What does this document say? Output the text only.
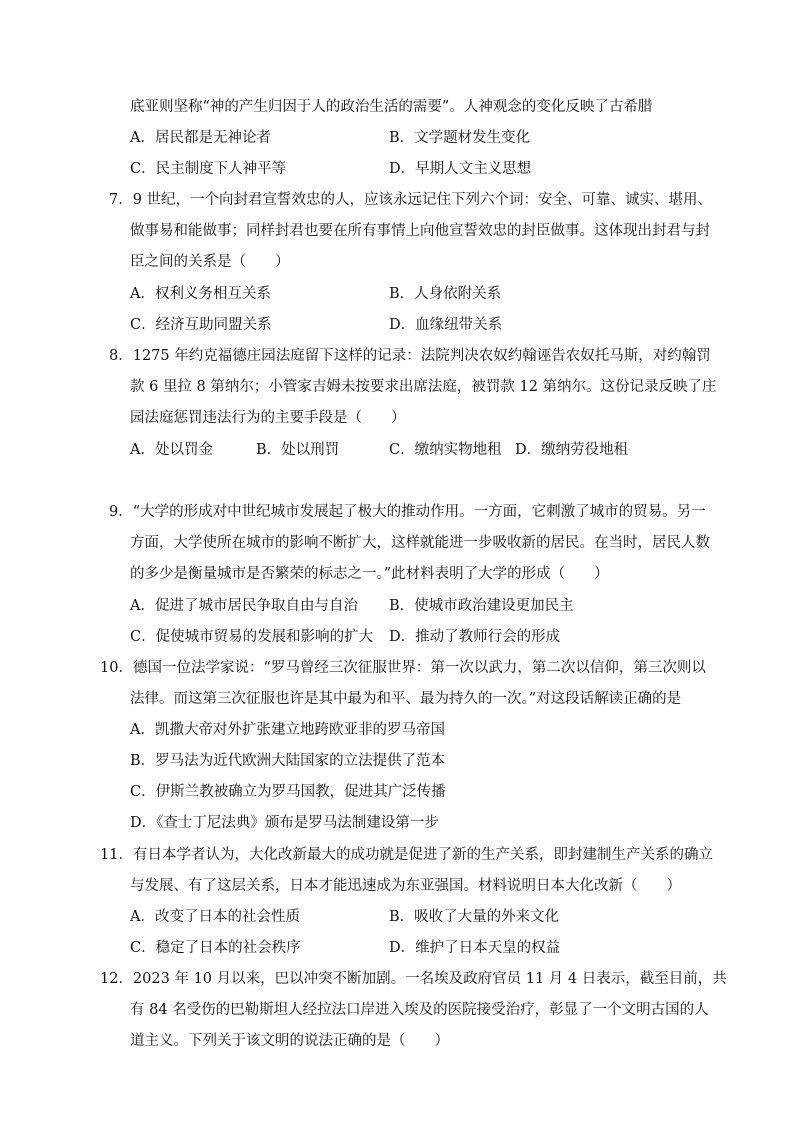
底亚则坚称“神的产生归因于人的政治生活的需要”。人神观念的变化反映了古希腊
A．居民都是无神论者	B．文学题材发生变化
C．民主制度下人神平等	D．早期人文主义思想
7．9 世纪，一个向封君宣誓效忠的人，应该永远记住下列六个词：安全、可靠、诚实、堪用、
做事易和能做事；同样封君也要在所有事情上向他宣誓效忠的封臣做事。这体现出封君与封
臣之间的关系是（　　）
A．权利义务相互关系	B．人身依附关系
C．经济互助同盟关系	D．血缘纽带关系
8．1275 年约克福德庄园法庭留下这样的记录：法院判决农奴约翰诬告农奴托马斯，对约翰罚
款 6 里拉 8 第纳尔；小管家吉姆未按要求出席法庭，被罚款 12 第纳尔。这份记录反映了庄
园法庭惩罚违法行为的主要手段是（　　）
A．处以罚金	B．处以刑罚	C．缴纳实物地租 D．缴纳劳役地租
9．“大学的形成对中世纪城市发展起了极大的推动作用。一方面，它刺激了城市的贸易。另一
方面，大学使所在城市的影响不断扩大，这样就能进一步吸收新的居民。在当时，居民人数
的多少是衡量城市是否繁荣的标志之一。”此材料表明了大学的形成（　　）
A．促进了城市居民争取自由与自治 B．使城市政治建设更加民主
C．促使城市贸易的发展和影响的扩大 D．推动了教师行会的形成
10．德国一位法学家说：“罗马曾经三次征服世界：第一次以武力，第二次以信仰，第三次则以
法律。而这第三次征服也许是其中最为和平、最为持久的一次。”对这段话解读正确的是
A．凯撒大帝对外扩张建立地跨欧亚非的罗马帝国
B．罗马法为近代欧洲大陆国家的立法提供了范本
C．伊斯兰教被确立为罗马国教，促进其广泛传播
D．《查士丁尼法典》颁布是罗马法制建设第一步
11．有日本学者认为，大化改新最大的成功就是促进了新的生产关系，即封建制生产关系的确立
与发展、有了这层关系，日本才能迅速成为东亚强国。材料说明日本大化改新（　　）
A．改变了日本的社会性质	B．吸收了大量的外来文化
C．稳定了日本的社会秩序	D．维护了日本天皇的权益
12．2023 年 10 月以来，巴以冲突不断加剧。一名埃及政府官员 11 月 4 日表示，截至目前，共
有 84 名受伤的巴勒斯坦人经拉法口岸进入埃及的医院接受治疗，彰显了一个文明古国的人
道主义。下列关于该文明的说法正确的是（　　）
